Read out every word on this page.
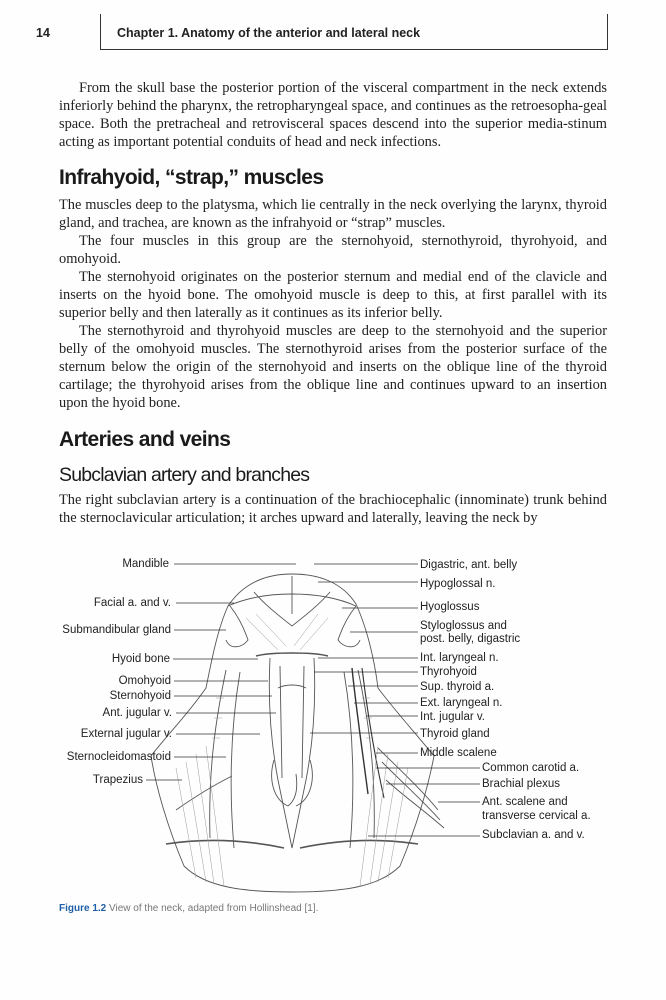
14	Chapter 1. Anatomy of the anterior and lateral neck

From the skull base the posterior portion of the visceral compartment in the neck extends inferiorly behind the pharynx, the retropharyngeal space, and continues as the retroesopha-geal space. Both the pretracheal and retrovisceral spaces descend into the superior media-stinum acting as important potential conduits of head and neck infections.

Infrahyoid, “strap,” muscles

The muscles deep to the platysma, which lie centrally in the neck overlying the larynx, thyroid gland, and trachea, are known as the infrahyoid or “strap” muscles.

The four muscles in this group are the sternohyoid, sternothyroid, thyrohyoid, and omohyoid.

The sternohyoid originates on the posterior sternum and medial end of the clavicle and inserts on the hyoid bone. The omohyoid muscle is deep to this, at first parallel with its superior belly and then laterally as it continues as its inferior belly.

The sternothyroid and thyrohyoid muscles are deep to the sternohyoid and the superior belly of the omohyoid muscles. The sternothyroid arises from the posterior surface of the sternum below the origin of the sternohyoid and inserts on the oblique line of the thyroid cartilage; the thyrohyoid arises from the oblique line and continues upward to an insertion upon the hyoid bone.

Arteries and veins
Subclavian artery and branches

The right subclavian artery is a continuation of the brachiocephalic (innominate) trunk behind the sternoclavicular articulation; it arches upward and laterally, leaving the neck by

Mandible
Facial a. and v.
Submandibular gland
Hyoid bone
Omohyoid
Sternohyoid
Ant. jugular v.
External jugular v.
Sternocleidomastoid
Trapezius
Digastric, ant. belly
Hypoglossal n.
Hyoglossus
Styloglossus and
post. belly, digastric
Int. laryngeal n.
Thyrohyoid
Sup. thyroid a.
Ext. laryngeal n.
Int. jugular v.
Thyroid gland
Middle scalene
Common carotid a.
Brachial plexus
Ant. scalene and
transverse cervical a.
Subclavian a. and v.
Figure 1.2 View of the neck, adapted from Hollinshead [1].
